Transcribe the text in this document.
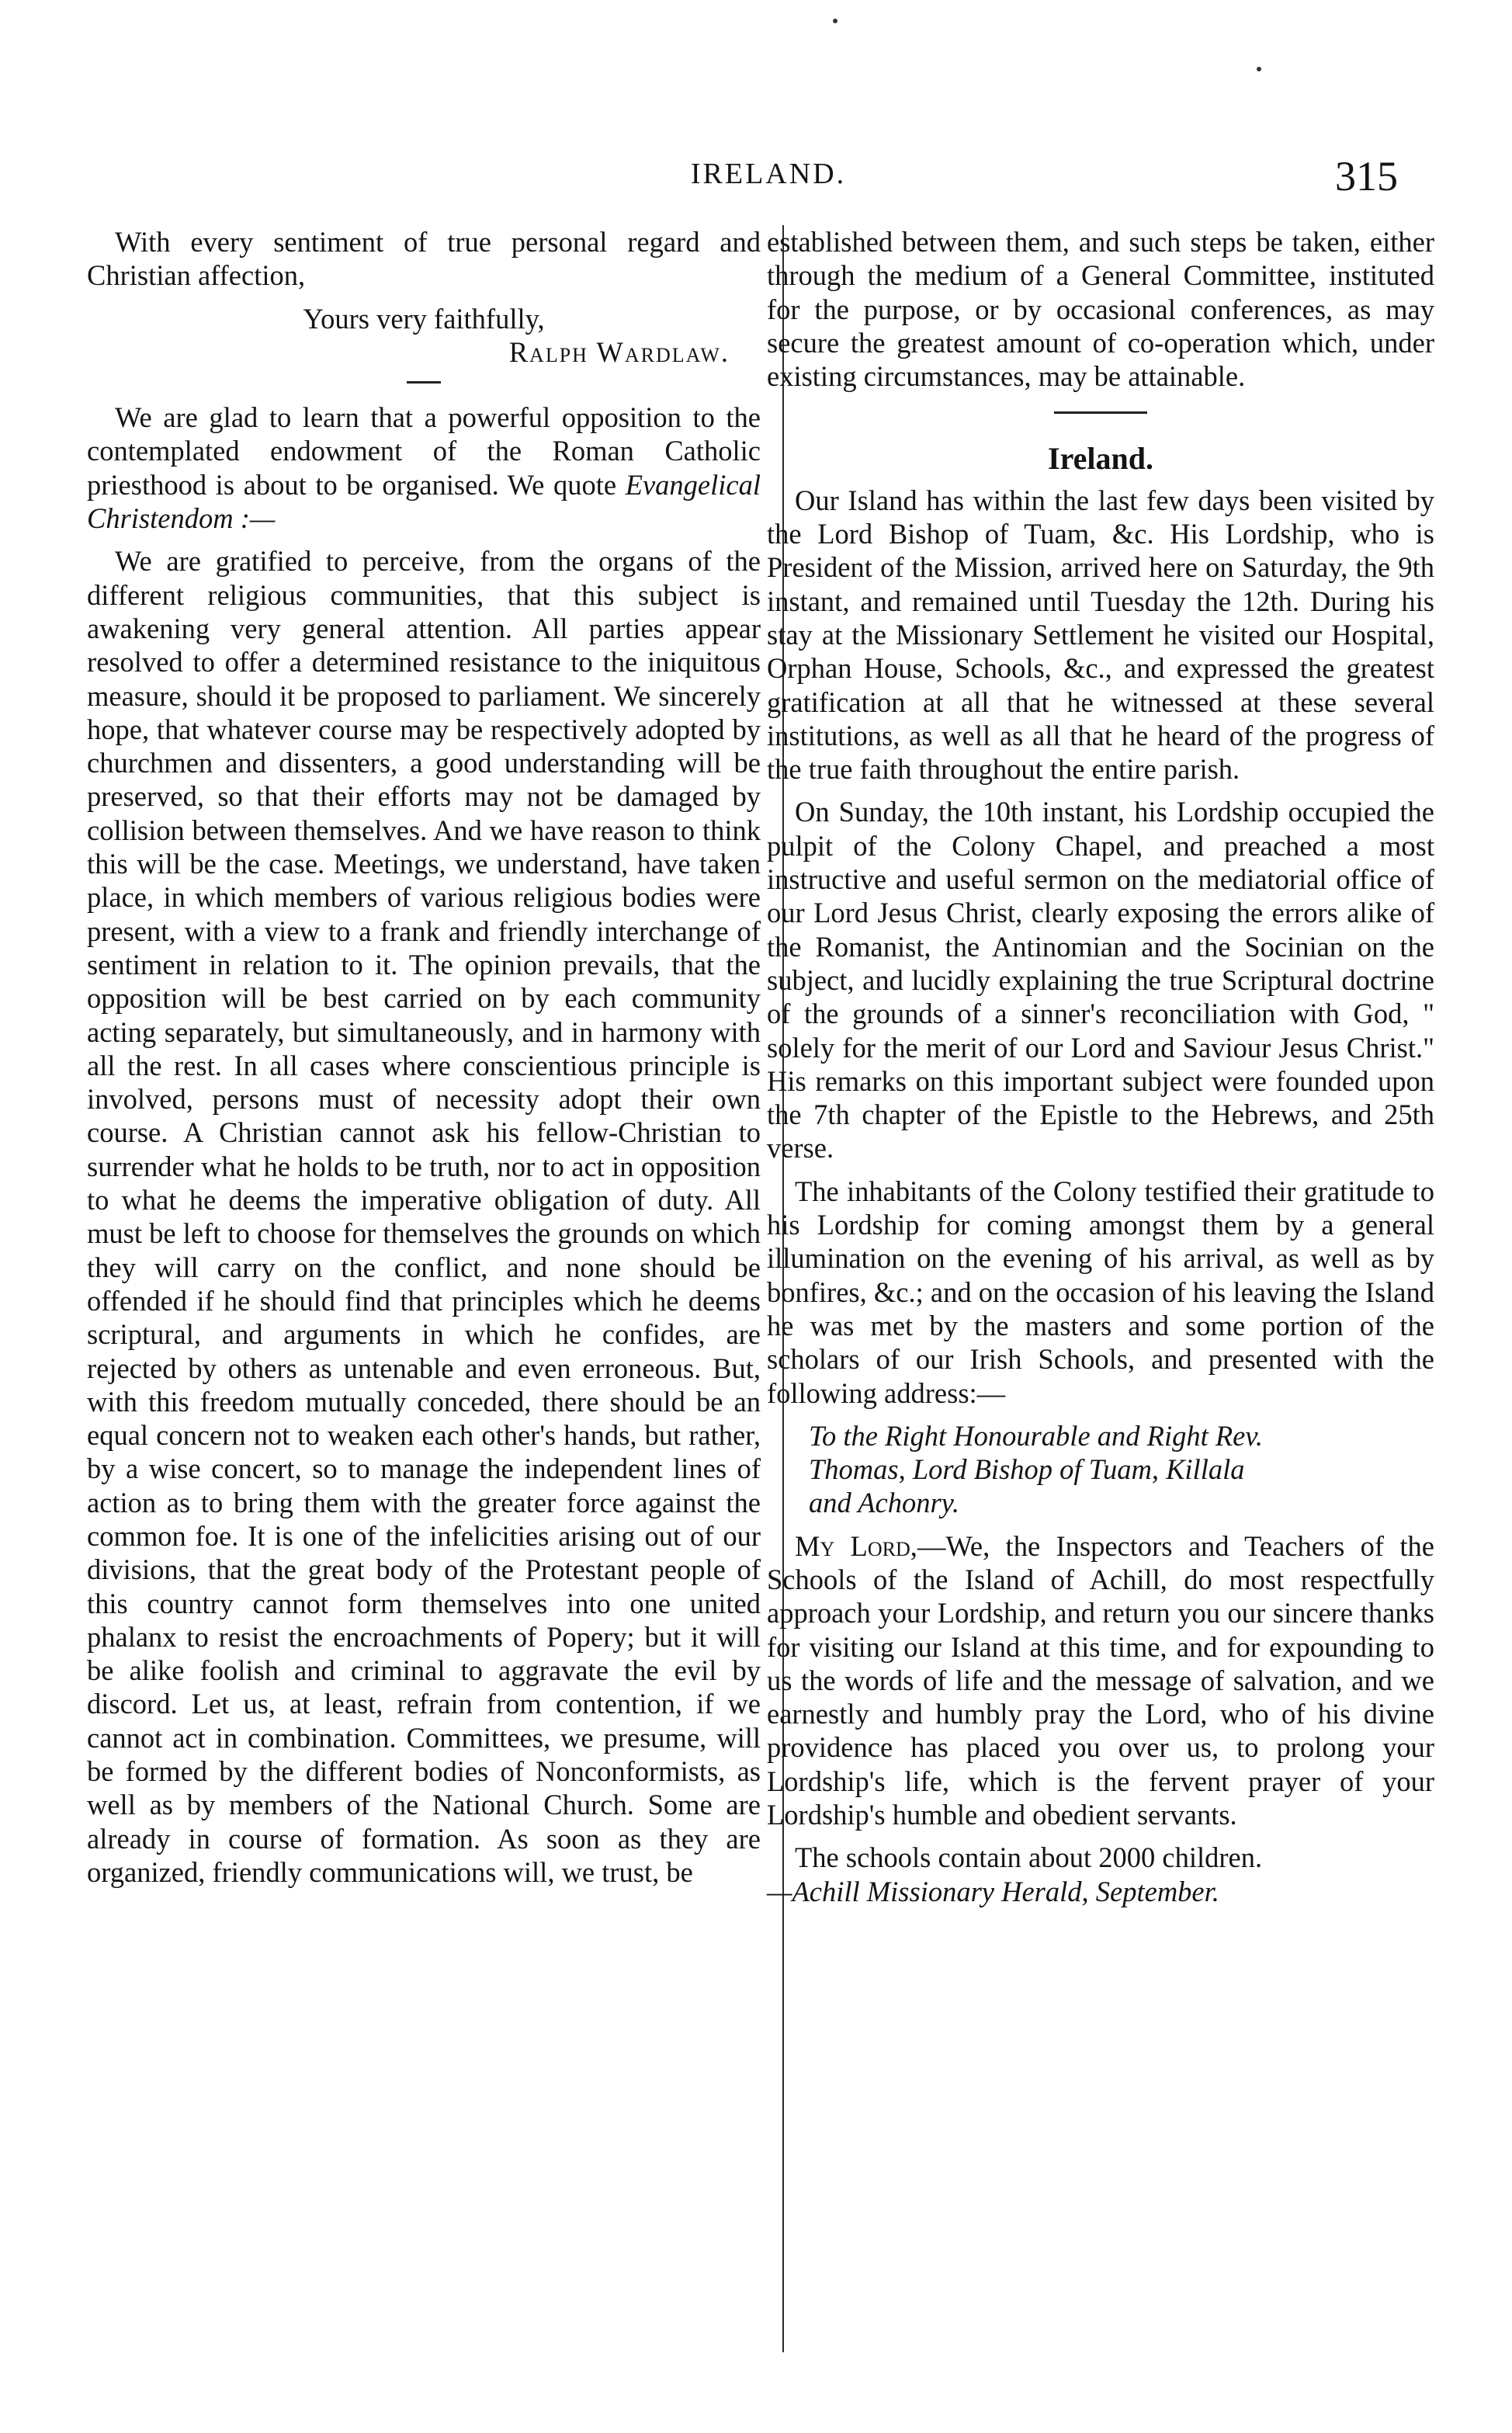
IRELAND.	315

With every sentiment of true personal regard and Christian affection,

Yours very faithfully,

Ralph Wardlaw.

We are glad to learn that a powerful opposition to the contemplated endowment of the Roman Catholic priesthood is about to be organised. We quote Evangelical Christendom :—

We are gratified to perceive, from the organs of the different religious communities, that this subject is awakening very general attention. All parties appear resolved to offer a determined resistance to the iniquitous measure, should it be proposed to parliament. We sincerely hope, that whatever course may be respectively adopted by churchmen and dissenters, a good understanding will be preserved, so that their efforts may not be damaged by collision between themselves. And we have reason to think this will be the case. Meetings, we understand, have taken place, in which members of various religious bodies were present, with a view to a frank and friendly interchange of sentiment in relation to it. The opinion prevails, that the opposition will be best carried on by each community acting separately, but simultaneously, and in harmony with all the rest. In all cases where conscientious principle is involved, persons must of necessity adopt their own course. A Christian cannot ask his fellow-Christian to surrender what he holds to be truth, nor to act in opposition to what he deems the imperative obligation of duty. All must be left to choose for themselves the grounds on which they will carry on the conflict, and none should be offended if he should find that principles which he deems scriptural, and arguments in which he confides, are rejected by others as untenable and even erroneous. But, with this freedom mutually conceded, there should be an equal concern not to weaken each other's hands, but rather, by a wise concert, so to manage the independent lines of action as to bring them with the greater force against the common foe. It is one of the infelicities arising out of our divisions, that the great body of the Protestant people of this country cannot form themselves into one united phalanx to resist the encroachments of Popery; but it will be alike foolish and criminal to aggravate the evil by discord. Let us, at least, refrain from contention, if we cannot act in combination. Committees, we presume, will be formed by the different bodies of Nonconformists, as well as by members of the National Church. Some are already in course of formation. As soon as they are organized, friendly communications will, we trust, be

established between them, and such steps be taken, either through the medium of a General Committee, instituted for the purpose, or by occasional conferences, as may secure the greatest amount of co-operation which, under existing circumstances, may be attainable.

Ireland.

Our Island has within the last few days been visited by the Lord Bishop of Tuam, &c. His Lordship, who is President of the Mission, arrived here on Saturday, the 9th instant, and remained until Tuesday the 12th. During his stay at the Missionary Settlement he visited our Hospital, Orphan House, Schools, &c., and expressed the greatest gratification at all that he witnessed at these several institutions, as well as all that he heard of the progress of the true faith throughout the entire parish.

On Sunday, the 10th instant, his Lordship occupied the pulpit of the Colony Chapel, and preached a most instructive and useful sermon on the mediatorial office of our Lord Jesus Christ, clearly exposing the errors alike of the Romanist, the Antinomian and the Socinian on the subject, and lucidly explaining the true Scriptural doctrine of the grounds of a sinner's reconciliation with God, " solely for the merit of our Lord and Saviour Jesus Christ." His remarks on this important subject were founded upon the 7th chapter of the Epistle to the Hebrews, and 25th verse.

The inhabitants of the Colony testified their gratitude to his Lordship for coming amongst them by a general illumination on the evening of his arrival, as well as by bonfires, &c.; and on the occasion of his leaving the Island he was met by the masters and some portion of the scholars of our Irish Schools, and presented with the following address:—

To the Right Honourable and Right Rev.
Thomas, Lord Bishop of Tuam, Killala
and Achonry.

My Lord,—We, the Inspectors and Teachers of the Schools of the Island of Achill, do most respectfully approach your Lordship, and return you our sincere thanks for visiting our Island at this time, and for expounding to us the words of life and the message of salvation, and we earnestly and humbly pray the Lord, who of his divine providence has placed you over us, to prolong your Lordship's life, which is the fervent prayer of your Lordship's humble and obedient servants.

The schools contain about 2000 children.

—Achill Missionary Herald, September.
